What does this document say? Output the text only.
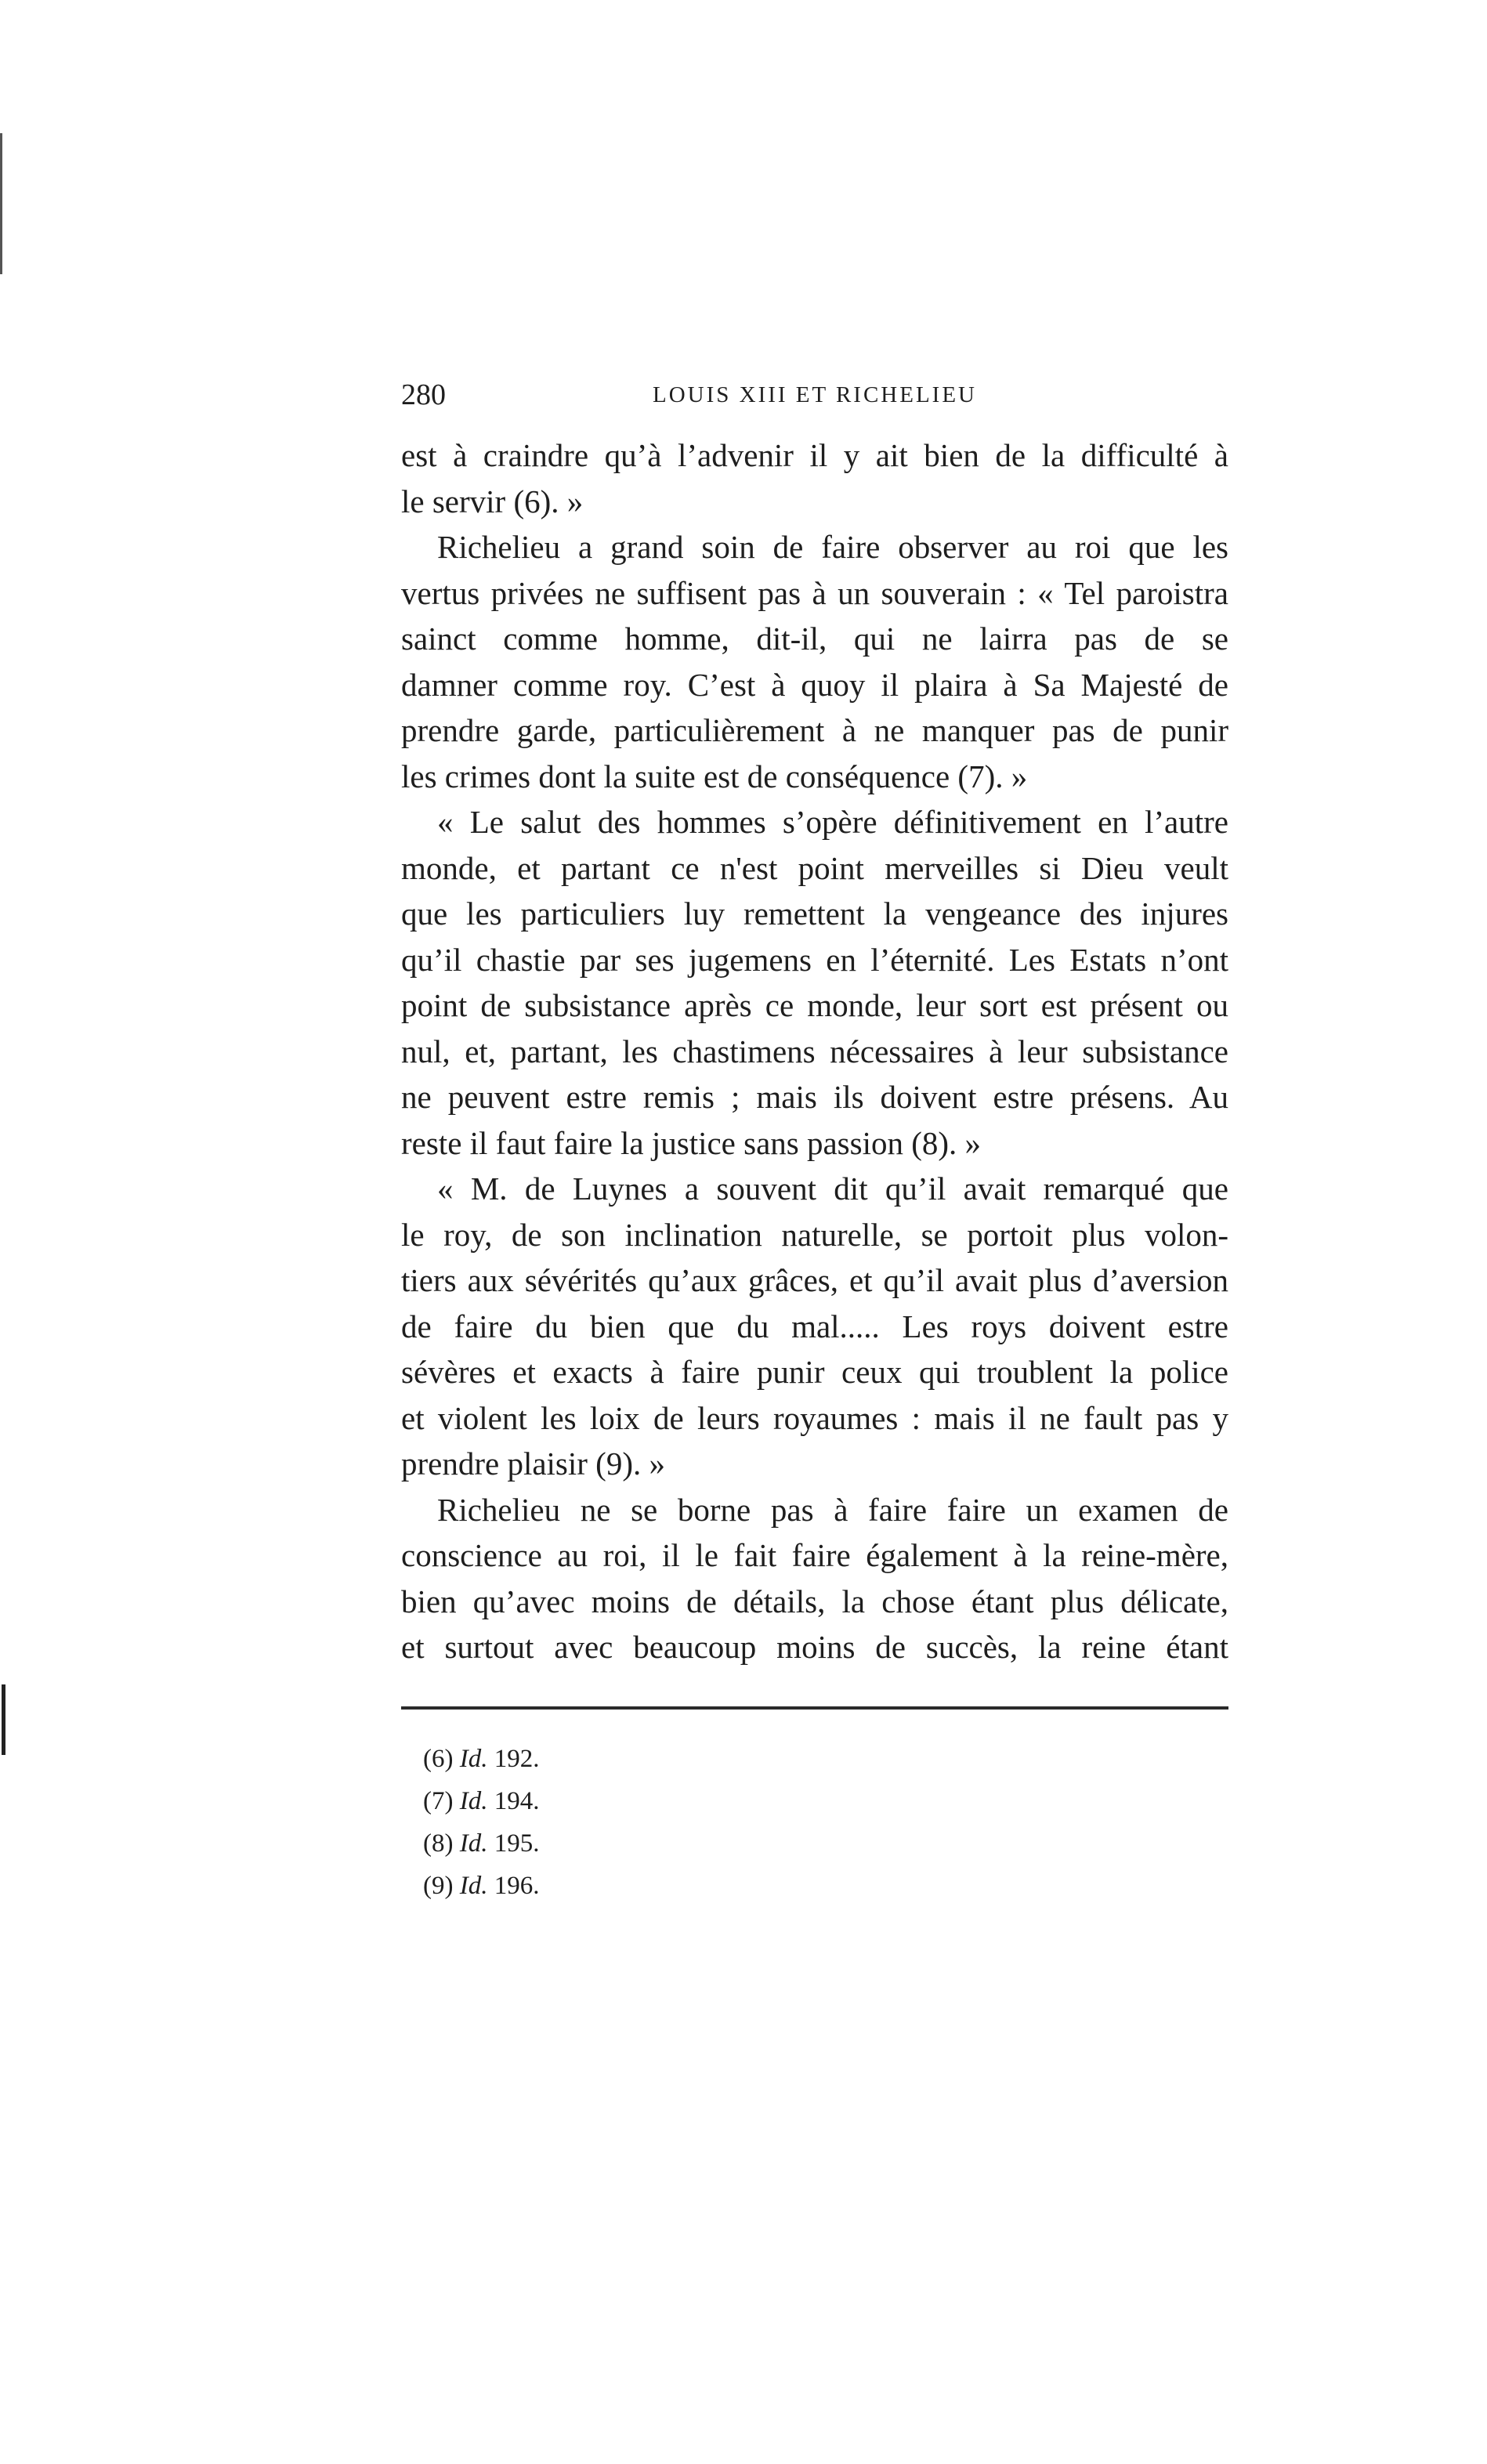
280	LOUIS XIII ET RICHELIEU
est à craindre qu’à l’advenir il y ait bien de la difficulté à
le servir (6). »
Richelieu a grand soin de faire observer au roi que les
vertus privées ne suffisent pas à un souverain : « Tel paroistra
sainct comme homme, dit-il, qui ne lairra pas de se
damner comme roy. C’est à quoy il plaira à Sa Majesté de
prendre garde, particulièrement à ne manquer pas de punir
les crimes dont la suite est de conséquence (7). »
« Le salut des hommes s’opère définitivement en l’autre
monde, et partant ce n'est point merveilles si Dieu veult
que les particuliers luy remettent la vengeance des injures
qu’il chastie par ses jugemens en l’éternité. Les Estats n’ont
point de subsistance après ce monde, leur sort est présent ou
nul, et, partant, les chastimens nécessaires à leur subsistance
ne peuvent estre remis ; mais ils doivent estre présens. Au
reste il faut faire la justice sans passion (8). »
« M. de Luynes a souvent dit qu’il avait remarqué que
le roy, de son inclination naturelle, se portoit plus volon-
tiers aux sévérités qu’aux grâces, et qu’il avait plus d’aversion
de faire du bien que du mal..... Les roys doivent estre
sévères et exacts à faire punir ceux qui troublent la police
et violent les loix de leurs royaumes : mais il ne fault pas y
prendre plaisir (9). »
Richelieu ne se borne pas à faire faire un examen de
conscience au roi, il le fait faire également à la reine-mère,
bien qu’avec moins de détails, la chose étant plus délicate,
et surtout avec beaucoup moins de succès, la reine étant
(6) Id. 192.
(7) Id. 194.
(8) Id. 195.
(9) Id. 196.
